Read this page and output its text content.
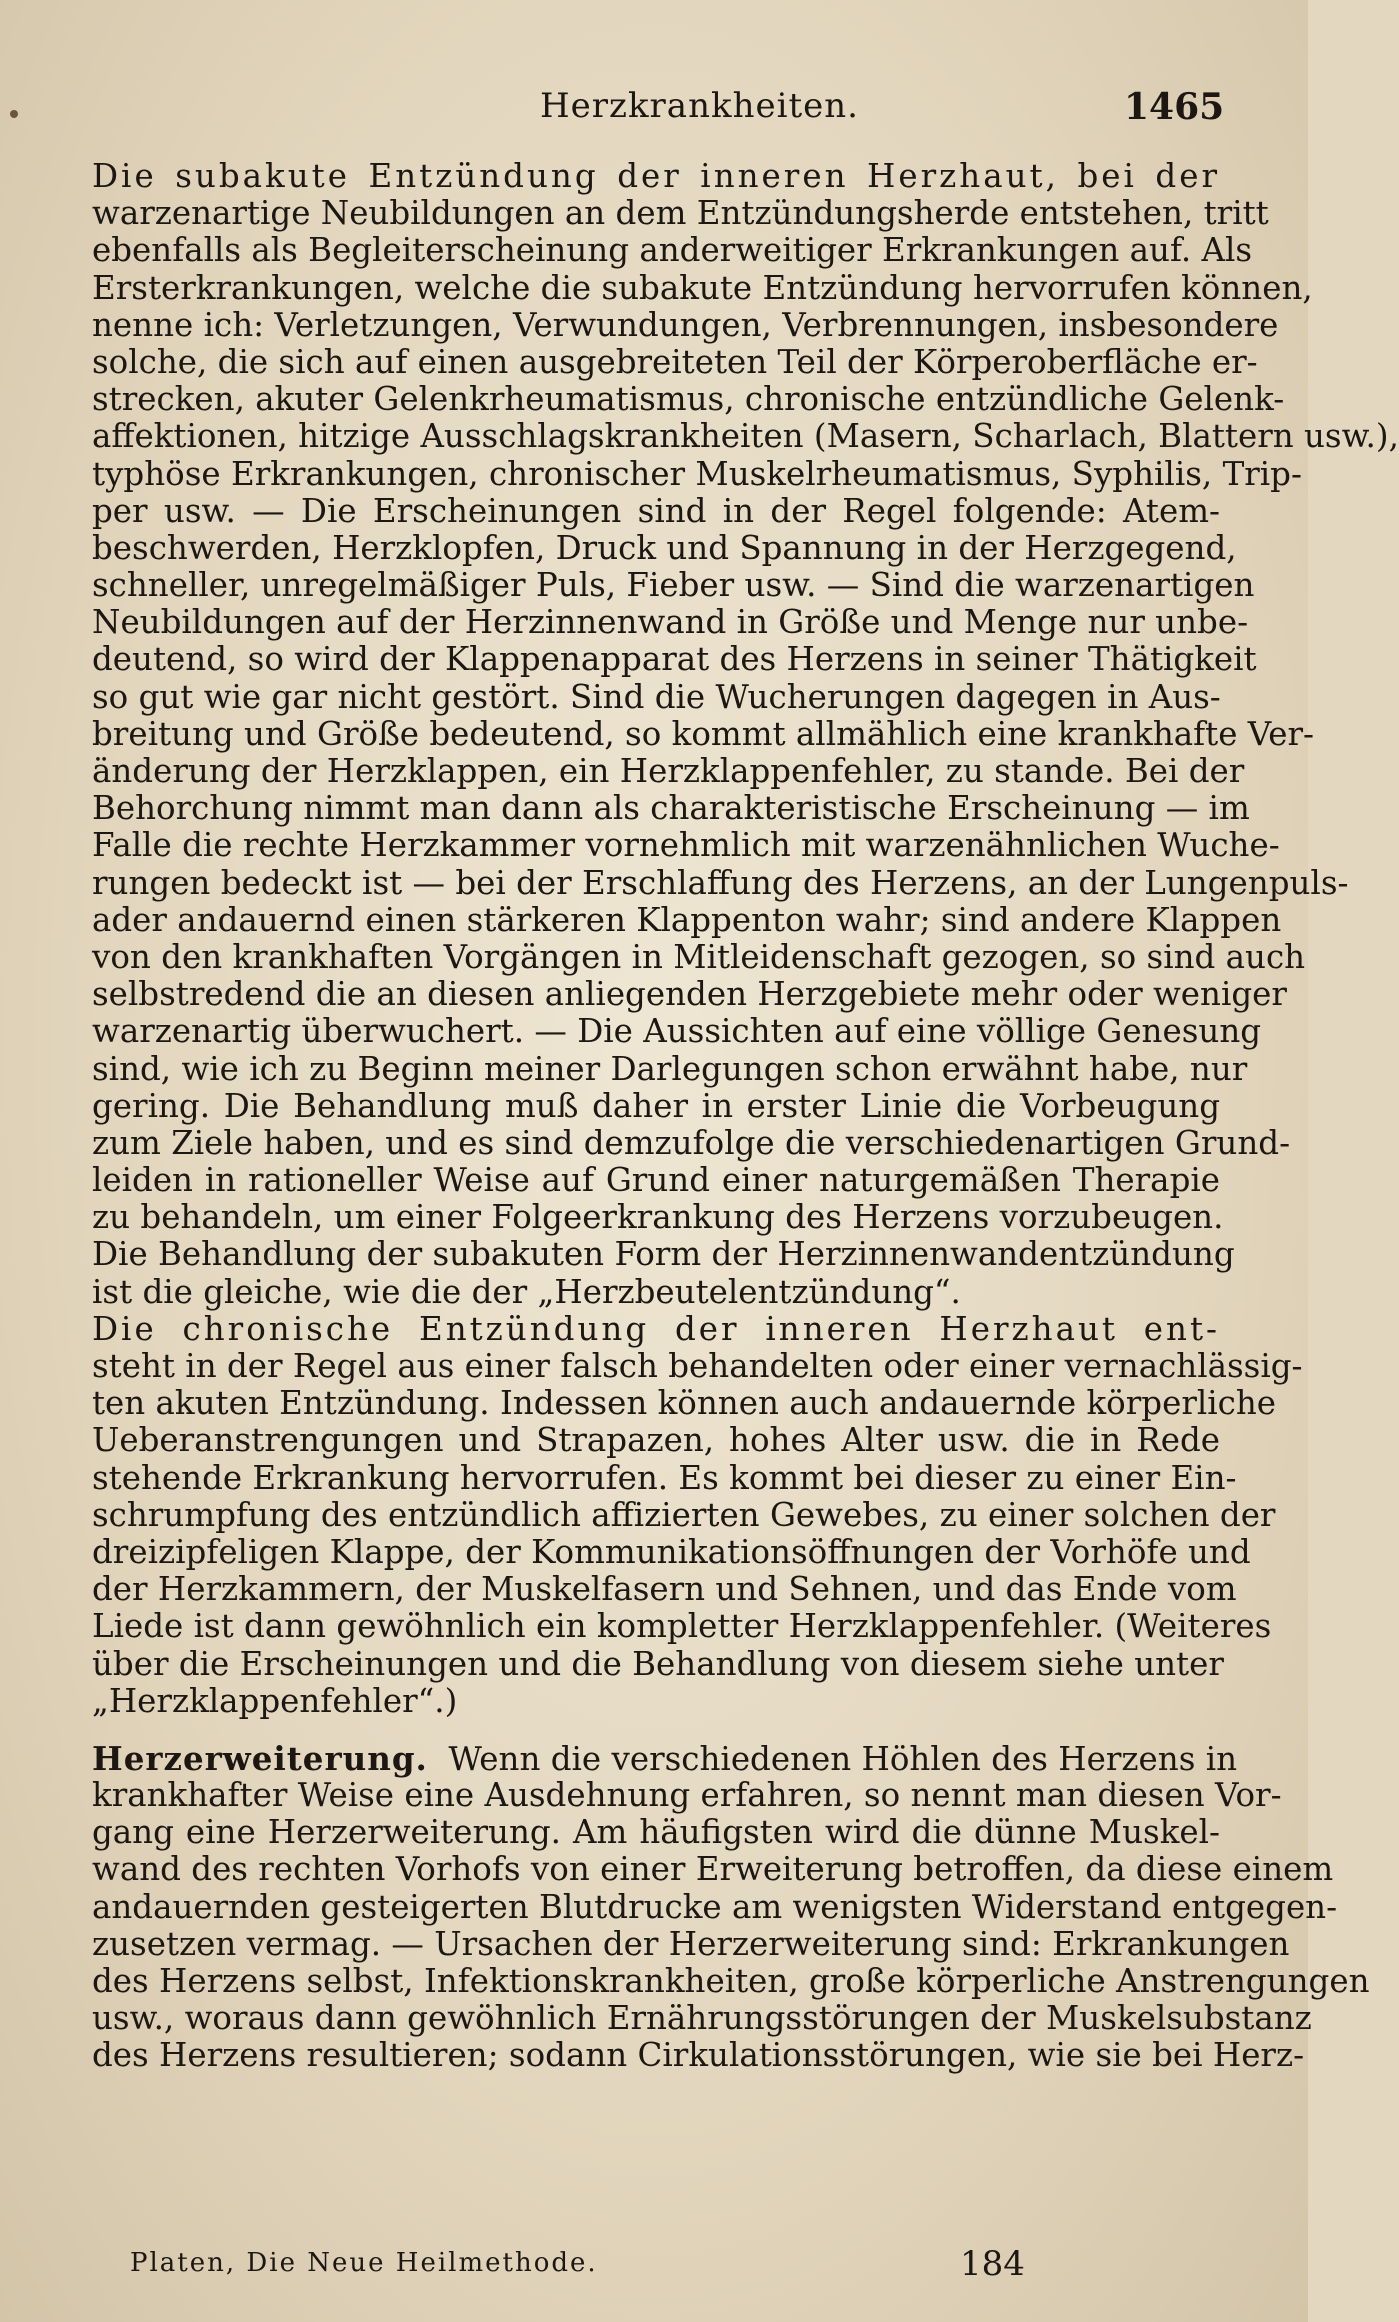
Herzkrankheiten.	1465
Die subakute Entzündung der inneren Herzhaut, bei der
warzenartige Neubildungen an dem Entzündungsherde entstehen, tritt
ebenfalls als Begleiterscheinung anderweitiger Erkrankungen auf. Als
Ersterkrankungen, welche die subakute Entzündung hervorrufen können,
nenne ich: Verletzungen, Verwundungen, Verbrennungen, insbesondere
solche, die sich auf einen ausgebreiteten Teil der Körperoberfläche er-
strecken, akuter Gelenkrheumatismus, chronische entzündliche Gelenk-
affektionen, hitzige Ausschlagskrankheiten (Masern, Scharlach, Blattern usw.),
typhöse Erkrankungen, chronischer Muskelrheumatismus, Syphilis, Trip-
per usw. — Die Erscheinungen sind in der Regel folgende: Atem-
beschwerden, Herzklopfen, Druck und Spannung in der Herzgegend,
schneller, unregelmäßiger Puls, Fieber usw. — Sind die warzenartigen
Neubildungen auf der Herzinnenwand in Größe und Menge nur unbe-
deutend, so wird der Klappenapparat des Herzens in seiner Thätigkeit
so gut wie gar nicht gestört. Sind die Wucherungen dagegen in Aus-
breitung und Größe bedeutend, so kommt allmählich eine krankhafte Ver-
änderung der Herzklappen, ein Herzklappenfehler, zu stande. Bei der
Behorchung nimmt man dann als charakteristische Erscheinung — im
Falle die rechte Herzkammer vornehmlich mit warzenähnlichen Wuche-
rungen bedeckt ist — bei der Erschlaffung des Herzens, an der Lungenpuls-
ader andauernd einen stärkeren Klappenton wahr; sind andere Klappen
von den krankhaften Vorgängen in Mitleidenschaft gezogen, so sind auch
selbstredend die an diesen anliegenden Herzgebiete mehr oder weniger
warzenartig überwuchert. — Die Aussichten auf eine völlige Genesung
sind, wie ich zu Beginn meiner Darlegungen schon erwähnt habe, nur
gering. Die Behandlung muß daher in erster Linie die Vorbeugung
zum Ziele haben, und es sind demzufolge die verschiedenartigen Grund-
leiden in rationeller Weise auf Grund einer naturgemäßen Therapie
zu behandeln, um einer Folgeerkrankung des Herzens vorzubeugen.
Die Behandlung der subakuten Form der Herzinnenwandentzündung
ist die gleiche, wie die der „Herzbeutelentzündung“.
Die chronische Entzündung der inneren Herzhaut ent-
steht in der Regel aus einer falsch behandelten oder einer vernachlässig-
ten akuten Entzündung. Indessen können auch andauernde körperliche
Ueberanstrengungen und Strapazen, hohes Alter usw. die in Rede
stehende Erkrankung hervorrufen. Es kommt bei dieser zu einer Ein-
schrumpfung des entzündlich affizierten Gewebes, zu einer solchen der
dreizipfeligen Klappe, der Kommunikationsöffnungen der Vorhöfe und
der Herzkammern, der Muskelfasern und Sehnen, und das Ende vom
Liede ist dann gewöhnlich ein kompletter Herzklappenfehler. (Weiteres
über die Erscheinungen und die Behandlung von diesem siehe unter
„Herzklappenfehler“.)
Herzerweiterung. Wenn die verschiedenen Höhlen des Herzens in
krankhafter Weise eine Ausdehnung erfahren, so nennt man diesen Vor-
gang eine Herzerweiterung. Am häufigsten wird die dünne Muskel-
wand des rechten Vorhofs von einer Erweiterung betroffen, da diese einem
andauernden gesteigerten Blutdrucke am wenigsten Widerstand entgegen-
zusetzen vermag. — Ursachen der Herzerweiterung sind: Erkrankungen
des Herzens selbst, Infektionskrankheiten, große körperliche Anstrengungen
usw., woraus dann gewöhnlich Ernährungsstörungen der Muskelsubstanz
des Herzens resultieren; sodann Cirkulationsstörungen, wie sie bei Herz-
Platen, Die Neue Heilmethode.	184
